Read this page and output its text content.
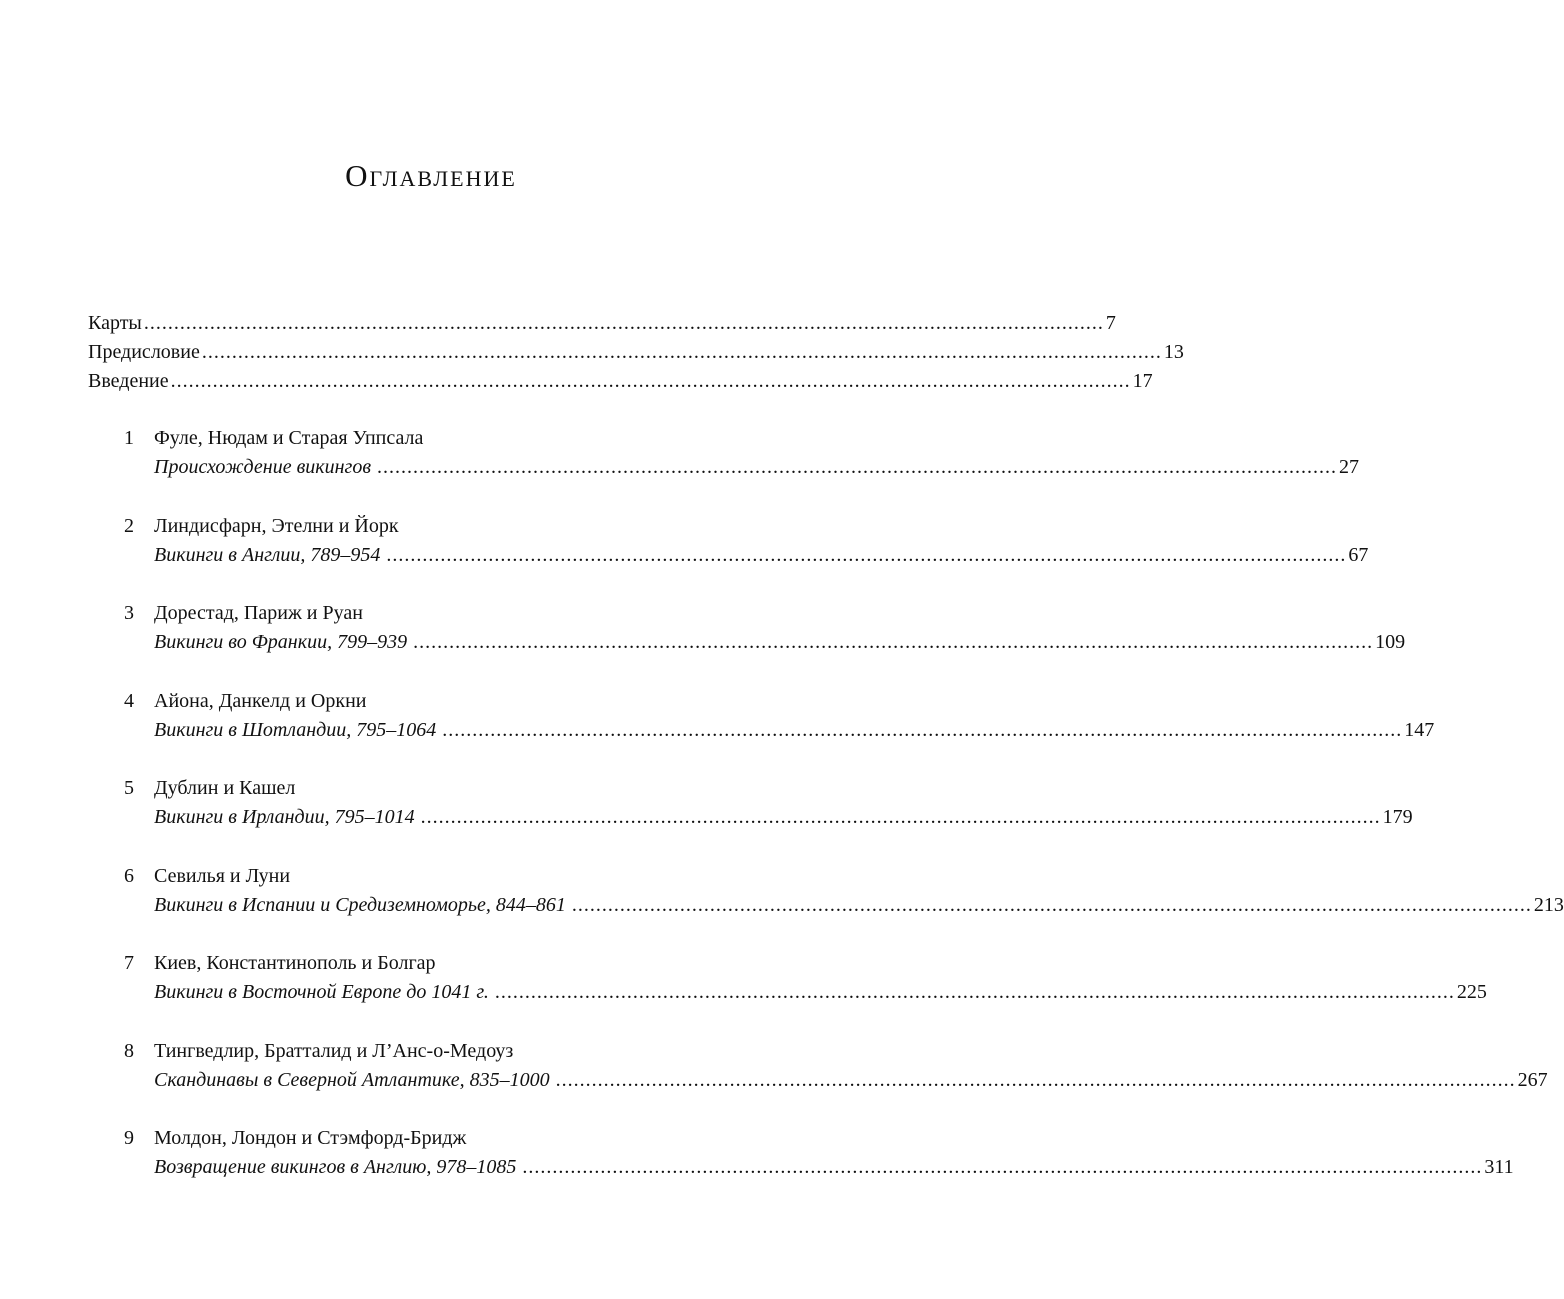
Оглавление
Карты ................................................................................................................................................................ 7
Предисловие ................................................................................................................................................................ 13
Введение ................................................................................................................................................................ 17
1	Фуле, Нюдам и Старая Уппсала
Происхождение викингов ................................................................................................................................................................ 27
2	Линдисфарн, Этелни и Йорк
Викинги в Англии, 789–954 ................................................................................................................................................................ 67
3	Дорестад, Париж и Руан
Викинги во Франкии, 799–939 ................................................................................................................................................................ 109
4	Айона, Данкелд и Оркни
Викинги в Шотландии, 795–1064 ................................................................................................................................................................ 147
5	Дублин и Кашел
Викинги в Ирландии, 795–1014 ................................................................................................................................................................ 179
6	Севилья и Луни
Викинги в Испании и Средиземноморье, 844–861 ................................................................................................................................................................ 213
7	Киев, Константинополь и Болгар
Викинги в Восточной Европе до 1041 г. ................................................................................................................................................................ 225
8	Тингведлир, Братталид и Л’Анс-о-Медоуз
Скандинавы в Северной Атлантике, 835–1000 ................................................................................................................................................................ 267
9	Молдон, Лондон и Стэмфорд-Бридж
Возвращение викингов в Англию, 978–1085 ................................................................................................................................................................ 311
